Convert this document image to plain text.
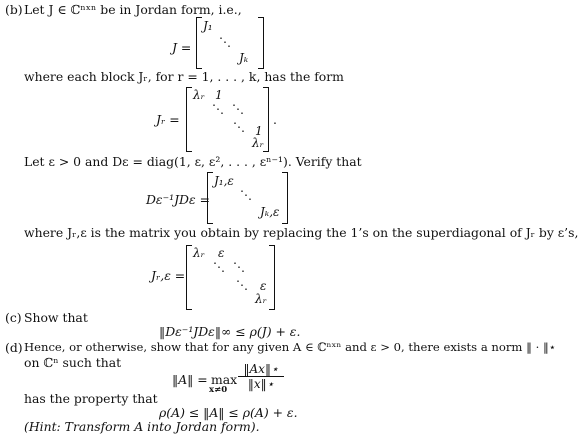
(b) Let J ∈ ℂⁿˣⁿ be in Jordan form, i.e.,
J =
J₁
⋱
Jₖ
where each block Jᵣ, for r = 1, . . . , k, has the form
Jᵣ =
λᵣ 1
⋱ ⋱
⋱ 1
λᵣ
.
Let ε > 0 and Dε = diag(1, ε, ε², . . . , εⁿ⁻¹). Verify that
Dε⁻¹JDε =
J₁,ε
⋱
Jₖ,ε
where Jᵣ,ε is the matrix you obtain by replacing the 1’s on the superdiagonal of Jᵣ by ε’s,
Jᵣ,ε =
λᵣ ε
⋱ ⋱
⋱ ε
λᵣ
(c) Show that
‖Dε⁻¹JDε‖∞ ≤ ρ(J) + ε.
(d) Hence, or otherwise, show that for any given A ∈ ℂⁿˣⁿ and ε > 0, there exists a norm ‖ · ‖⋆
on ℂⁿ such that
‖A‖ = max
$x\ne 0 \frac{‖Ax‖⋆}{‖x‖⋆}$
has the property that
ρ(A) ≤ ‖A‖ ≤ ρ(A) + ε.
(Hint: Transform A into Jordan form).
